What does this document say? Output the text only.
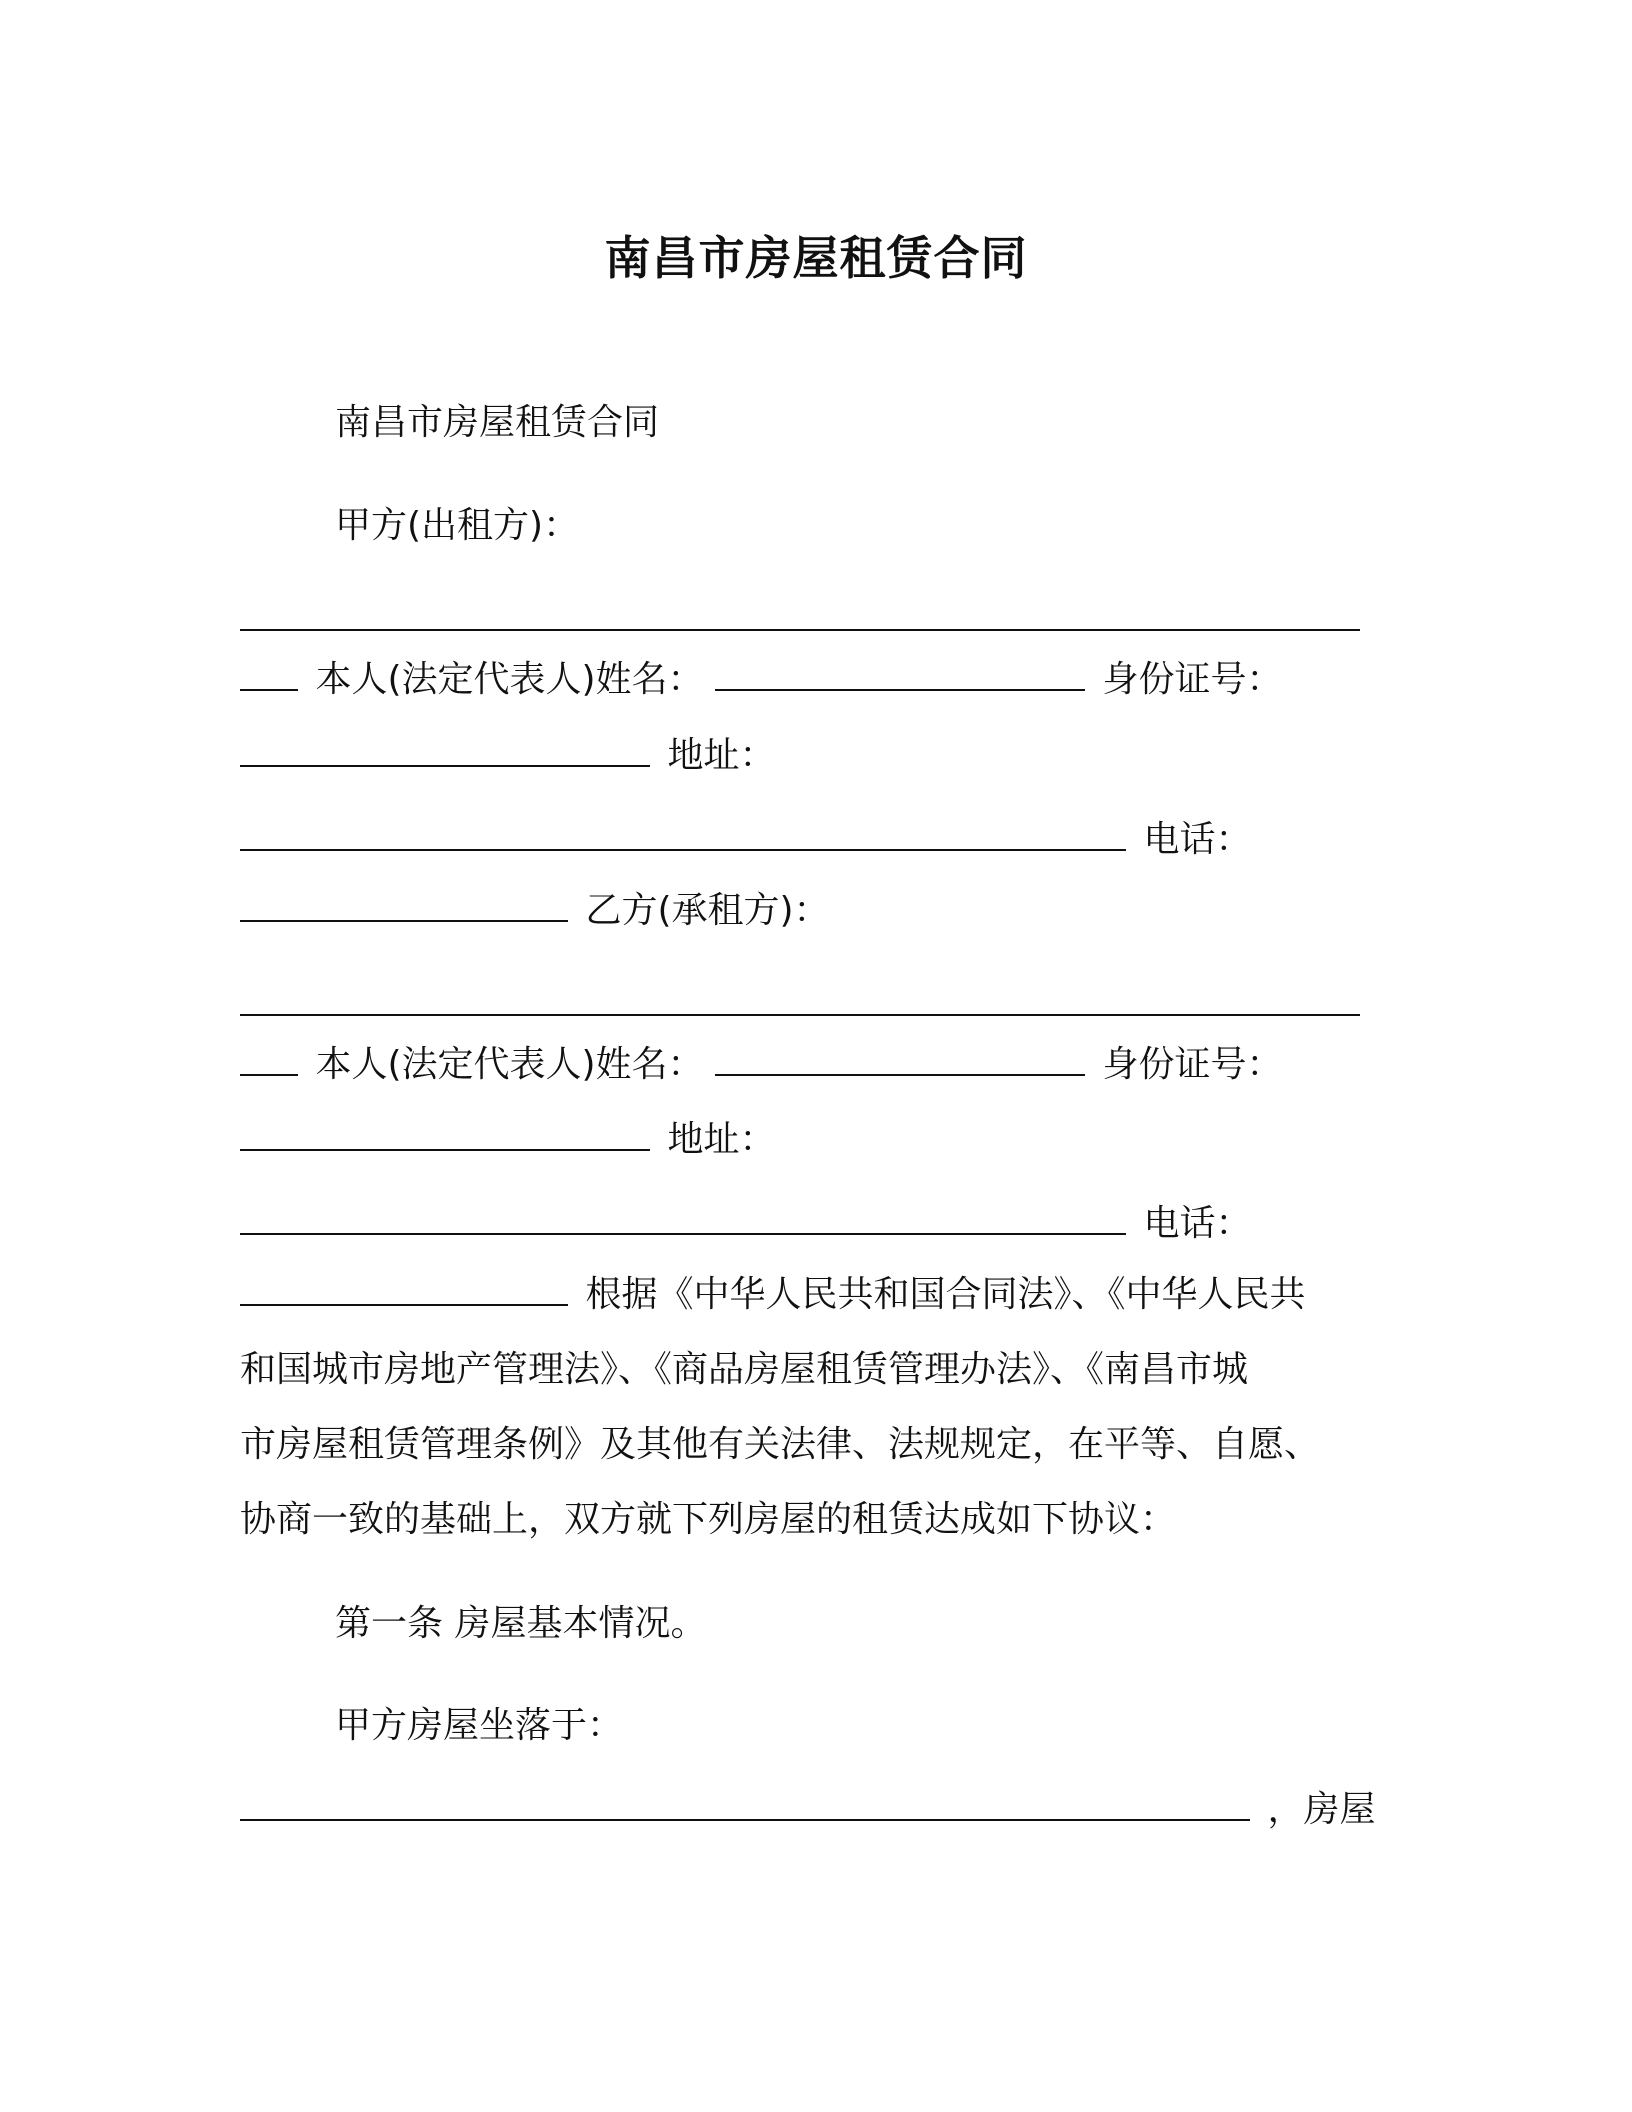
南昌市房屋租赁合同
南昌市房屋租赁合同
甲方(出租方)：
本人(法定代表人)姓名：	身份证号：
地址：
电话：
乙方(承租方)：
本人(法定代表人)姓名：	身份证号：
地址：
电话：
根据《中华人民共和国合同法》、《中华人民共
和国城市房地产管理法》、《商品房屋租赁管理办法》、《南昌市城
市房屋租赁管理条例》及其他有关法律、法规规定，在平等、自愿、
协商一致的基础上，双方就下列房屋的租赁达成如下协议：
第一条 房屋基本情况。
甲方房屋坐落于：
，房屋
